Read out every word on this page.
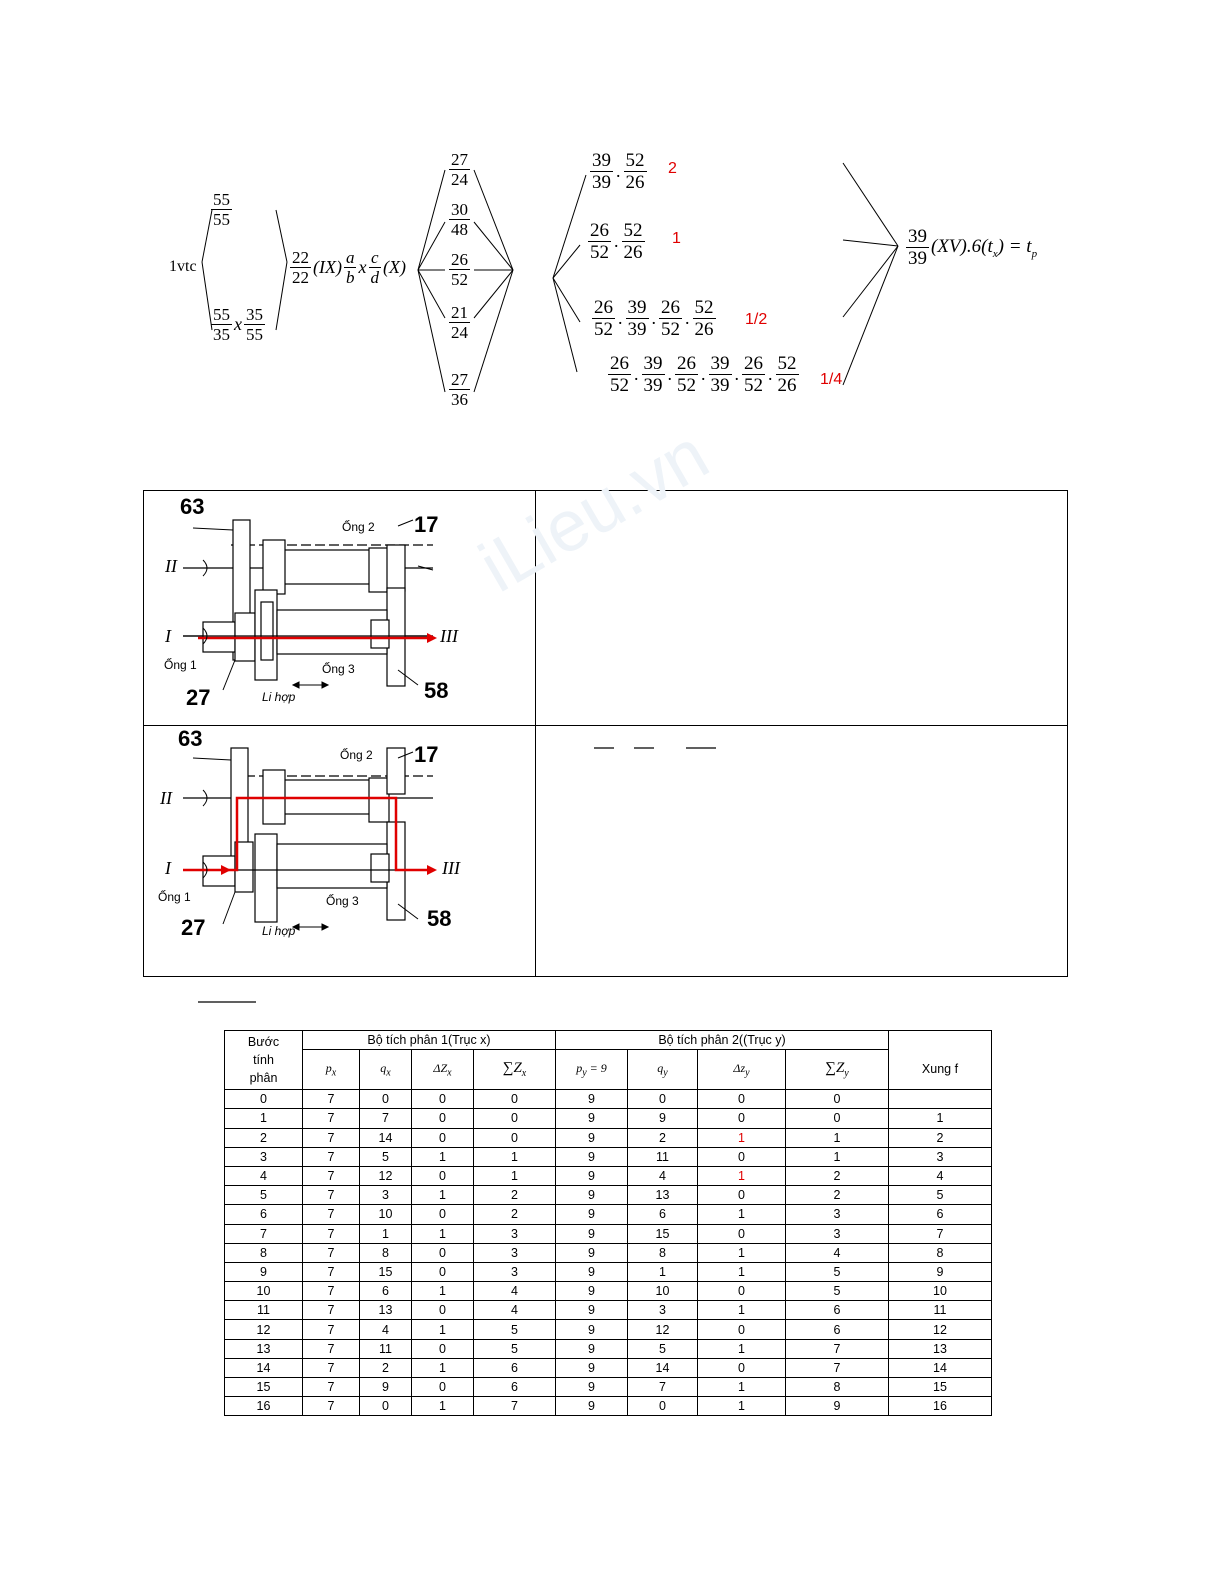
1vtc
$\frac{55}{55}$
$\frac{55}{35}$ x $\frac{35}{55}$
$\frac{22}{22} (IX) \frac{a}{b}$ x $\frac{c}{d} (X)$
$\frac{27}{24}$
$\frac{30}{48}$
$\frac{26}{52}$
$\frac{21}{24}$
$\frac{27}{36}$
$\frac{39}{39}$ . $\frac{52}{26} 2$
$\frac{26}{52}$ . $\frac{52}{26} 1$
$\frac{26}{52}$ . $\frac{39}{39}$ . $\frac{26}{52}$ . $\frac{52}{26} 1/2$
$\frac{26}{52}$ . $\frac{39}{39}$ . $\frac{26}{52}$ . $\frac{39}{39}$ . $\frac{26}{52}$ . $\frac{52}{26} 1/4$
$\frac{39}{39} (XV).6(t_x) = t_p$
iLieu.vn
63
17
27	58
Ống 2
Ống 1	Ống 3
Li hợp
II
I	III
63
17
27	58
Ống 2
Ống 1	Ống 3
Li hợp
II
I	III
Bước
tính
phân	Bộ tích phân 1(Trục x)				Bộ tích phân 2((Trục y)				
	$p_x$	$q_x$	$\Delta Z_x$	$\sum Z_x$	$p_y = 9$	$q_y$	$\Delta z_y$	$\sum Z_y$	Xung f
0	7	0	0	0	9	0	0	0	
1	7	7	0	0	9	9	0	0	1
2	7	14	0	0	9	2	1	1	2
3	7	5	1	1	9	11	0	1	3
4	7	12	0	1	9	4	1	2	4
5	7	3	1	2	9	13	0	2	5
6	7	10	0	2	9	6	1	3	6
7	7	1	1	3	9	15	0	3	7
8	7	8	0	3	9	8	1	4	8
9	7	15	0	3	9	1	1	5	9
10	7	6	1	4	9	10	0	5	10
11	7	13	0	4	9	3	1	6	11
12	7	4	1	5	9	12	0	6	12
13	7	11	0	5	9	5	1	7	13
14	7	2	1	6	9	14	0	7	14
15	7	9	0	6	9	7	1	8	15
16	7	0	1	7	9	0	1	9	16
